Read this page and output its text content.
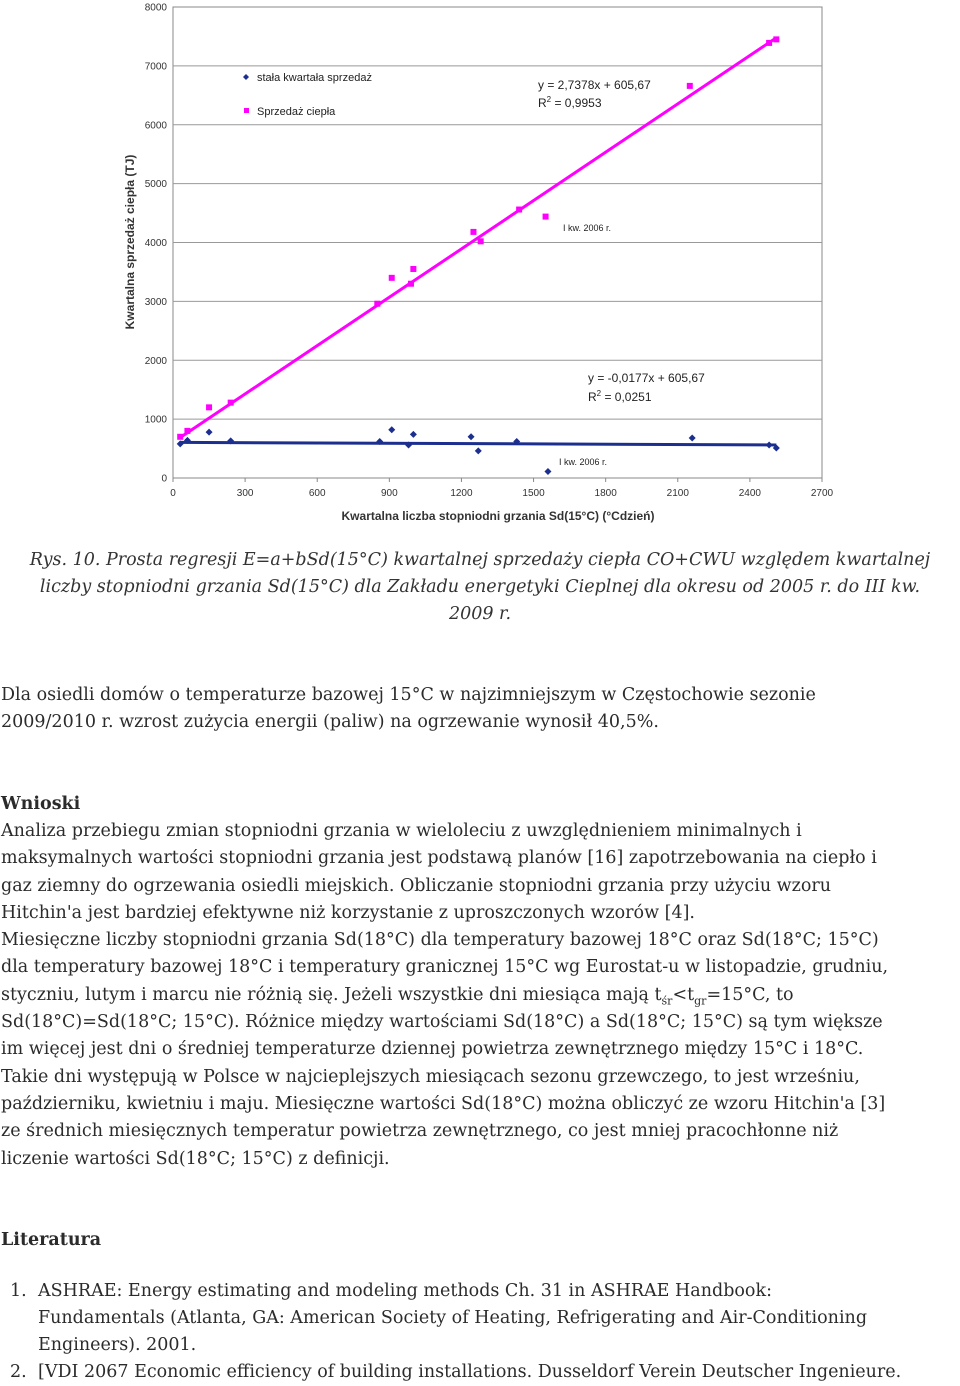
0
1000
2000
3000
4000
5000
6000
7000
8000
0	300	600	900	1200	1500	1800	2100	2400	2700
Kwartalna sprzedaż ciepła (TJ)
Kwartalna liczba stopniodni grzania Sd(15°C) (°Cdzień)
stała kwartała sprzedaż
Sprzedaż ciepła
y = 2,7378x + 605,67
$R^2 = 0,9953$
y = -0,0177x + 605,67
$R^2 = 0,0251$
I kw. 2006 r.
I kw. 2006 r.
Rys. 10. Prosta regresji E=a+bSd(15°C) kwartalnej sprzedaży ciepła CO+CWU względem kwartalnej
liczby stopniodni grzania Sd(15°C) dla Zakładu energetyki Cieplnej dla okresu od 2005 r. do III kw.
2009 r.
Dla osiedli domów o temperaturze bazowej 15°C w najzimniejszym w Częstochowie sezonie
2009/2010 r. wzrost zużycia energii (paliw) na ogrzewanie wynosił 40,5%.
Wnioski
Analiza przebiegu zmian stopniodni grzania w wieloleciu z uwzględnieniem minimalnych i
maksymalnych wartości stopniodni grzania jest podstawą planów [16] zapotrzebowania na ciepło i
gaz ziemny do ogrzewania osiedli miejskich. Obliczanie stopniodni grzania przy użyciu wzoru
Hitchin'a jest bardziej efektywne niż korzystanie z uproszczonych wzorów [4].
Miesięczne liczby stopniodni grzania Sd(18°C) dla temperatury bazowej 18°C oraz Sd(18°C; 15°C)
dla temperatury bazowej 18°C i temperatury granicznej 15°C wg Eurostat-u w listopadzie, grudniu,
styczniu, lutym i marcu nie różnią się. Jeżeli wszystkie dni miesiąca mają $t_{śr}<t_{gr}=15^\circ C$, to
Sd(18°C)=Sd(18°C; 15°C). Różnice między wartościami Sd(18°C) a Sd(18°C; 15°C) są tym większe
im więcej jest dni o średniej temperaturze dziennej powietrza zewnętrznego między 15°C i 18°C.
Takie dni występują w Polsce w najcieplejszych miesiącach sezonu grzewczego, to jest wrześniu,
październiku, kwietniu i maju. Miesięczne wartości Sd(18°C) można obliczyć ze wzoru Hitchin'a [3]
ze średnich miesięcznych temperatur powietrza zewnętrznego, co jest mniej pracochłonne niż
liczenie wartości Sd(18°C; 15°C) z definicji.
Literatura
1. ASHRAE: Energy estimating and modeling methods Ch. 31 in ASHRAE Handbook:
Fundamentals (Atlanta, GA: American Society of Heating, Refrigerating and Air-Conditioning
Engineers). 2001.
2. [VDI 2067 Economic efficiency of building installations. Dusseldorf Verein Deutscher Ingenieure.
